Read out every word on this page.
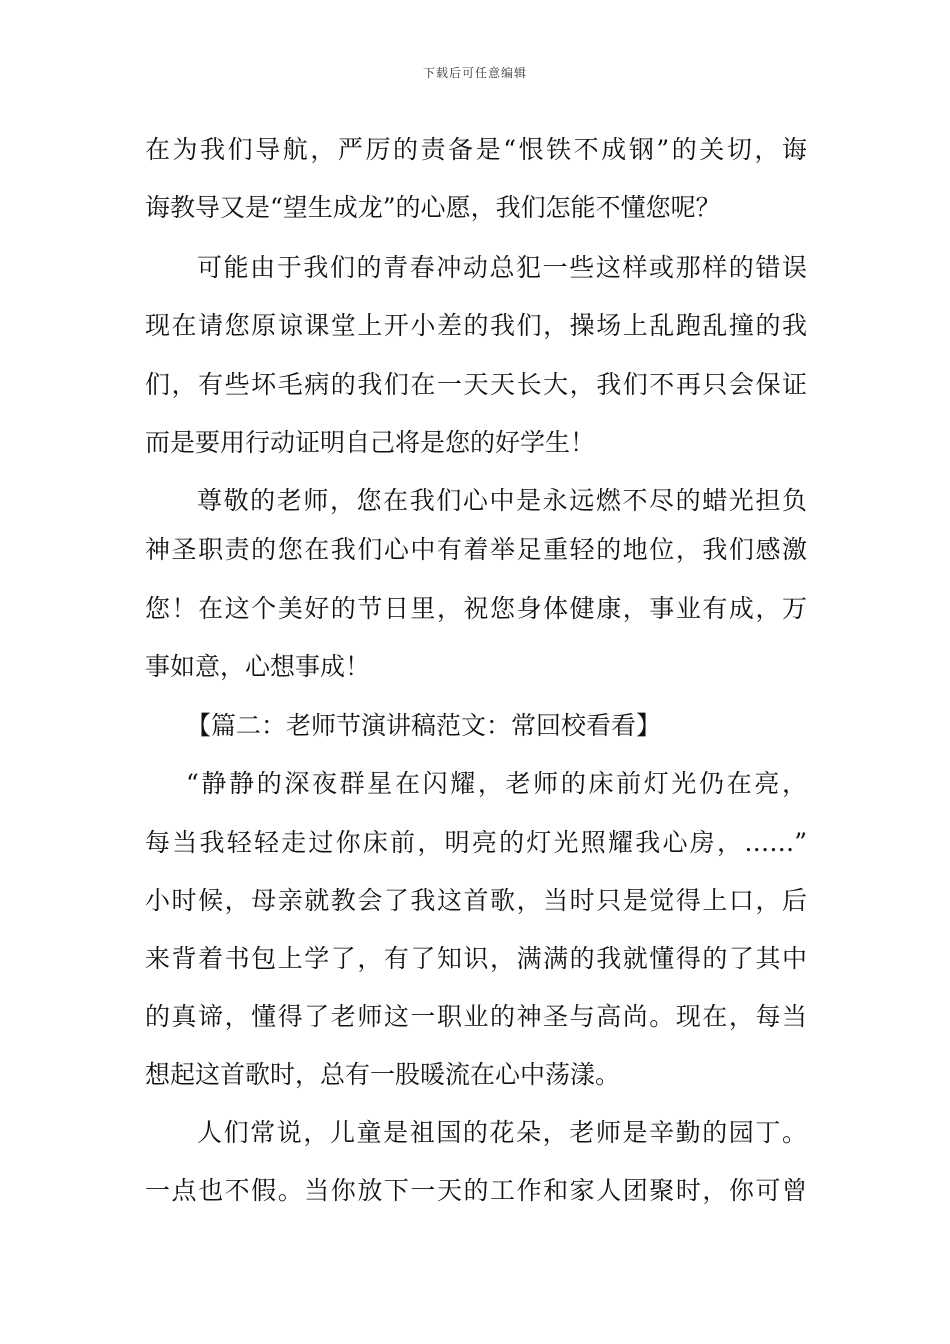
下载后可任意编辑
在为我们导航，严厉的责备是“恨铁不成钢”的关切，诲
诲教导又是“望生成龙”的心愿，我们怎能不懂您呢？
可能由于我们的青春冲动总犯一些这样或那样的错误
现在请您原谅课堂上开小差的我们，操场上乱跑乱撞的我
们，有些坏毛病的我们在一天天长大，我们不再只会保证
而是要用行动证明自己将是您的好学生！
尊敬的老师，您在我们心中是永远燃不尽的蜡光担负
神圣职责的您在我们心中有着举足重轻的地位，我们感激
您！在这个美好的节日里，祝您身体健康，事业有成，万
事如意，心想事成！
【篇二：老师节演讲稿范文：常回校看看】
“静静的深夜群星在闪耀，老师的床前灯光仍在亮，
每当我轻轻走过你床前，明亮的灯光照耀我心房，……”
小时候，母亲就教会了我这首歌，当时只是觉得上口，后
来背着书包上学了，有了知识，满满的我就懂得的了其中
的真谛，懂得了老师这一职业的神圣与高尚。现在，每当
想起这首歌时，总有一股暖流在心中荡漾。
人们常说，儿童是祖国的花朵，老师是辛勤的园丁。
一点也不假。当你放下一天的工作和家人团聚时，你可曾
